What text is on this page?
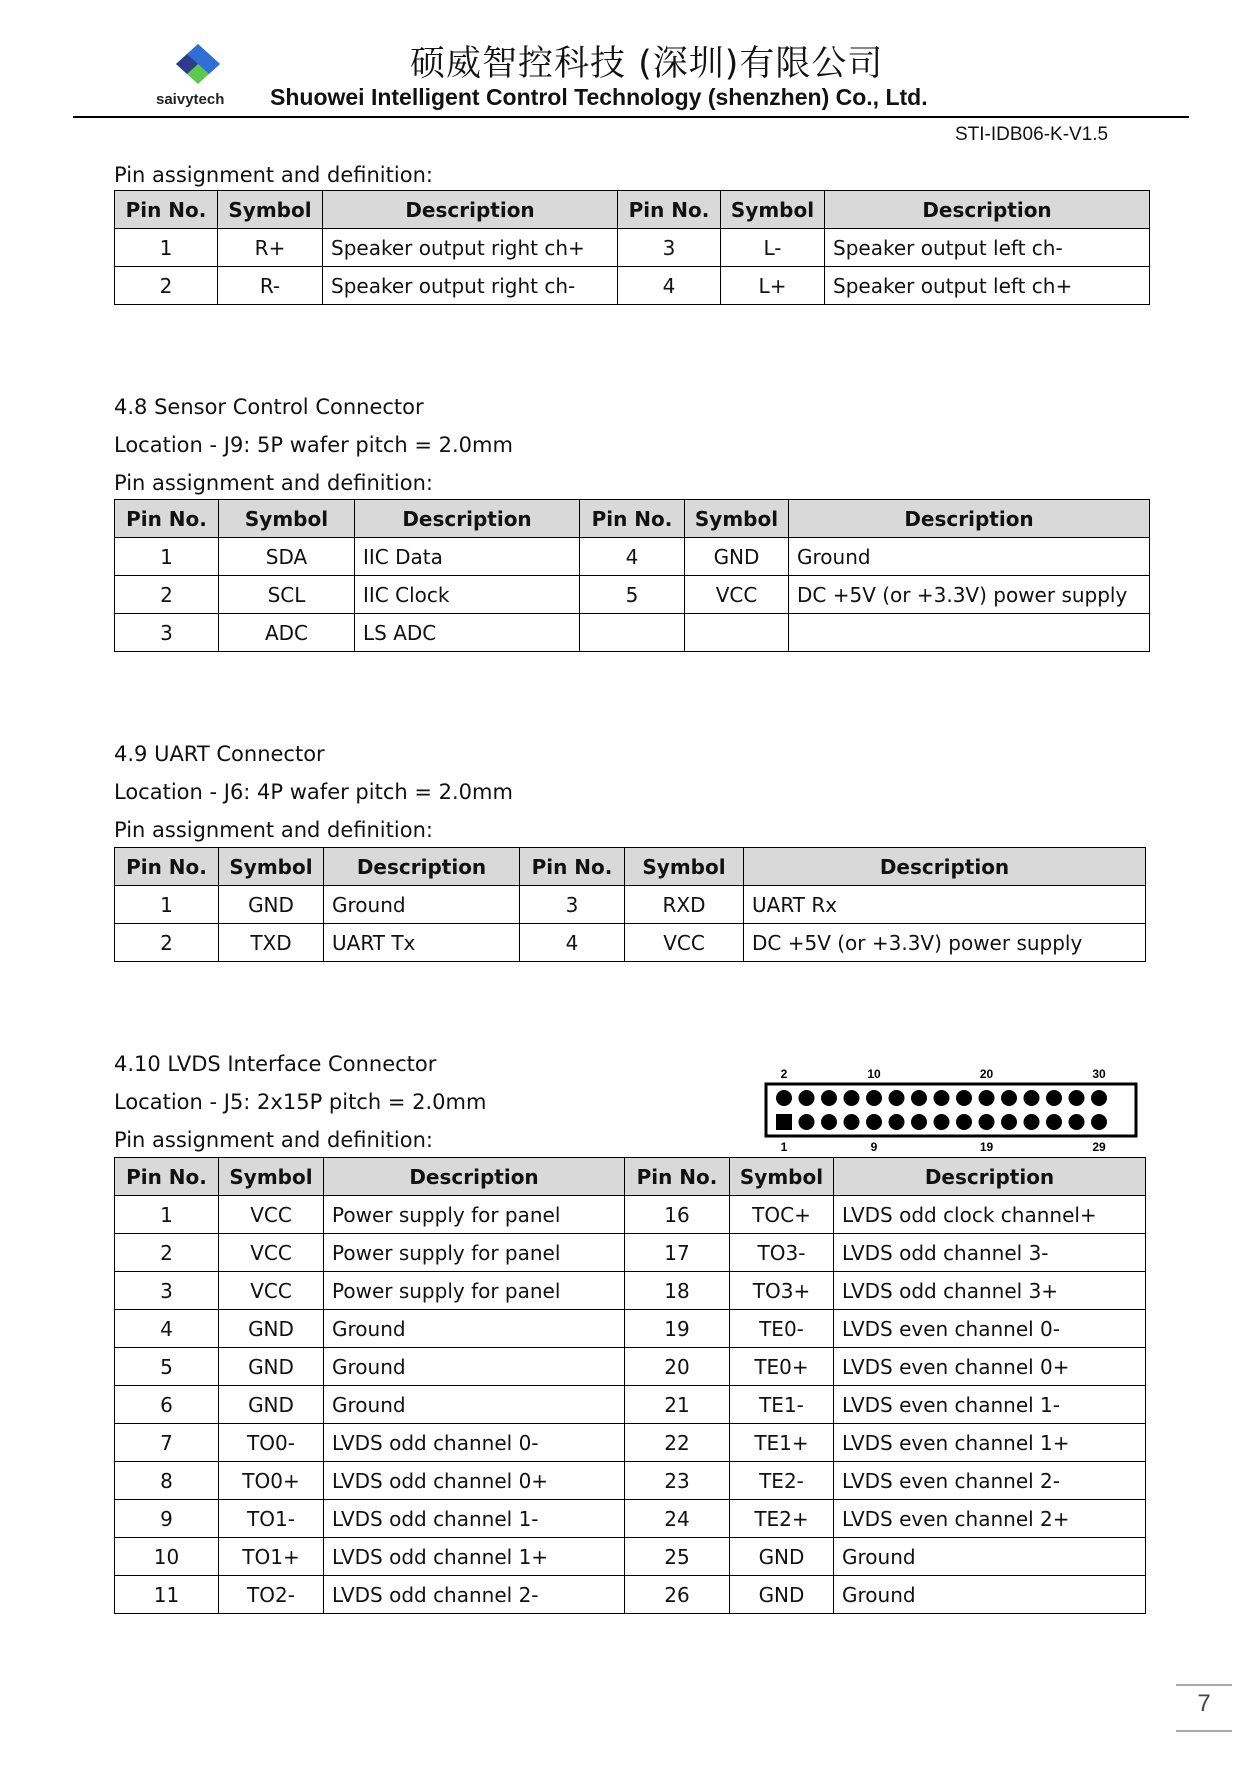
saivytech
硕威智控科技 (深圳)有限公司
Shuowei Intelligent Control Technology (shenzhen) Co., Ltd.
STI-IDB06-K-V1.5
Pin assignment and definition:
Pin No.	Symbol	Description	Pin No.	Symbol	Description
1	R+	Speaker output right ch+	3	L-	Speaker output left ch-
2	R-	Speaker output right ch-	4	L+	Speaker output left ch+
4.8 Sensor Control Connector
Location - J9: 5P wafer pitch = 2.0mm
Pin assignment and definition:
Pin No.	Symbol	Description	Pin No.	Symbol	Description
1	SDA	IIC Data	4	GND	Ground
2	SCL	IIC Clock	5	VCC	DC +5V (or +3.3V) power supply
3	ADC	LS ADC			
4.9 UART Connector
Location - J6: 4P wafer pitch = 2.0mm
Pin assignment and definition:
Pin No.	Symbol	Description	Pin No.	Symbol	Description
1	GND	Ground	3	RXD	UART Rx
2	TXD	UART Tx	4	VCC	DC +5V (or +3.3V) power supply
4.10 LVDS Interface Connector
Location - J5: 2x15P pitch = 2.0mm
Pin assignment and definition:
2	10	20	30
1	9	19	29
Pin No.	Symbol	Description	Pin No.	Symbol	Description
1	VCC	Power supply for panel	16	TOC+	LVDS odd clock channel+
2	VCC	Power supply for panel	17	TO3-	LVDS odd channel 3-
3	VCC	Power supply for panel	18	TO3+	LVDS odd channel 3+
4	GND	Ground	19	TE0-	LVDS even channel 0-
5	GND	Ground	20	TE0+	LVDS even channel 0+
6	GND	Ground	21	TE1-	LVDS even channel 1-
7	TO0-	LVDS odd channel 0-	22	TE1+	LVDS even channel 1+
8	TO0+	LVDS odd channel 0+	23	TE2-	LVDS even channel 2-
9	TO1-	LVDS odd channel 1-	24	TE2+	LVDS even channel 2+
10	TO1+	LVDS odd channel 1+	25	GND	Ground
11	TO2-	LVDS odd channel 2-	26	GND	Ground
7
